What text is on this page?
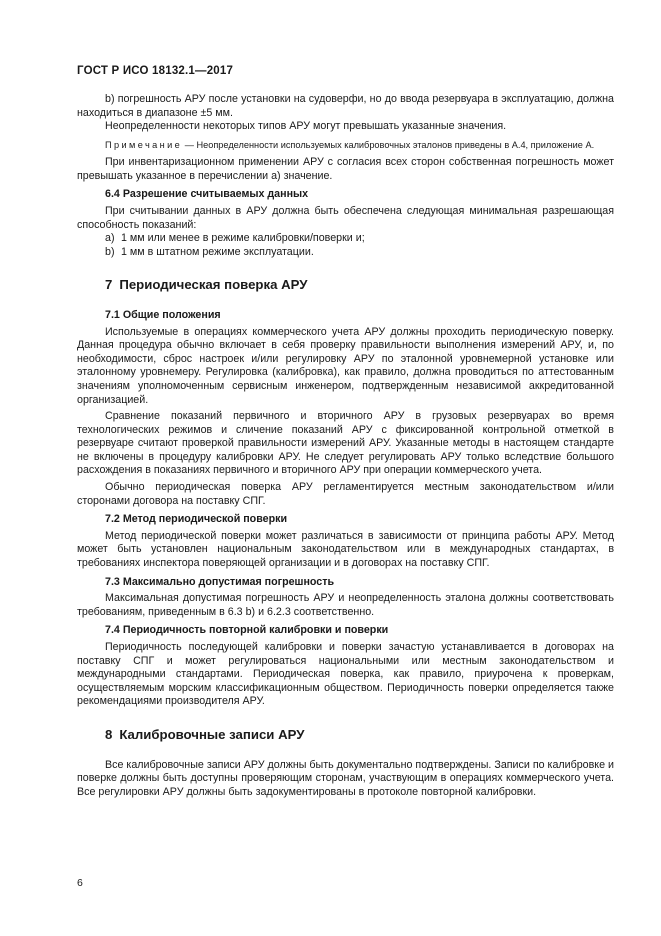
ГОСТ Р ИСО 18132.1—2017

b) погрешность АРУ после установки на судоверфи, но до ввода резервуара в эксплуатацию, должна находиться в диапазоне ±5 мм.

Неопределенности некоторых типов АРУ могут превышать указанные значения.

Примечание — Неопределенности используемых калибровочных эталонов приведены в А.4, приложение А.

При инвентаризационном применении АРУ с согласия всех сторон собственная погрешность может превышать указанное в перечислении а) значение.

6.4 Разрешение считываемых данных

При считывании данных в АРУ должна быть обеспечена следующая минимальная разрешающая способность показаний:

а) 1 мм или менее в режиме калибровки/поверки и;

b) 1 мм в штатном режиме эксплуатации.

7 Периодическая поверка АРУ

7.1 Общие положения

Используемые в операциях коммерческого учета АРУ должны проходить периодическую поверку. Данная процедура обычно включает в себя проверку правильности выполнения измерений АРУ, и, по необходимости, сброс настроек и/или регулировку АРУ по эталонной уровнемерной установке или эталонному уровнемеру. Регулировка (калибровка), как правило, должна проводиться по аттестованным значениям уполномоченным сервисным инженером, подтвержденным независимой аккредитованной организацией.

Сравнение показаний первичного и вторичного АРУ в грузовых резервуарах во время технологических режимов и сличение показаний АРУ с фиксированной контрольной отметкой в резервуаре считают проверкой правильности измерений АРУ. Указанные методы в настоящем стандарте не включены в процедуру калибровки АРУ. Не следует регулировать АРУ только вследствие большого расхождения в показаниях первичного и вторичного АРУ при операции коммерческого учета.

Обычно периодическая поверка АРУ регламентируется местным законодательством и/или сторонами договора на поставку СПГ.

7.2 Метод периодической поверки

Метод периодической поверки может различаться в зависимости от принципа работы АРУ. Метод может быть установлен национальным законодательством или в международных стандартах, в требованиях инспектора поверяющей организации и в договорах на поставку СПГ.

7.3 Максимально допустимая погрешность

Максимальная допустимая погрешность АРУ и неопределенность эталона должны соответствовать требованиям, приведенным в 6.3 b) и 6.2.3 соответственно.

7.4 Периодичность повторной калибровки и поверки

Периодичность последующей калибровки и поверки зачастую устанавливается в договорах на поставку СПГ и может регулироваться национальными или местным законодательством и международными стандартами. Периодическая поверка, как правило, приурочена к проверкам, осуществляемым морским классификационным обществом. Периодичность поверки определяется также рекомендациями производителя АРУ.

8 Калибровочные записи АРУ

Все калибровочные записи АРУ должны быть документально подтверждены. Записи по калибровке и поверке должны быть доступны проверяющим сторонам, участвующим в операциях коммерческого учета. Все регулировки АРУ должны быть задокументированы в протоколе повторной калибровки.

6
